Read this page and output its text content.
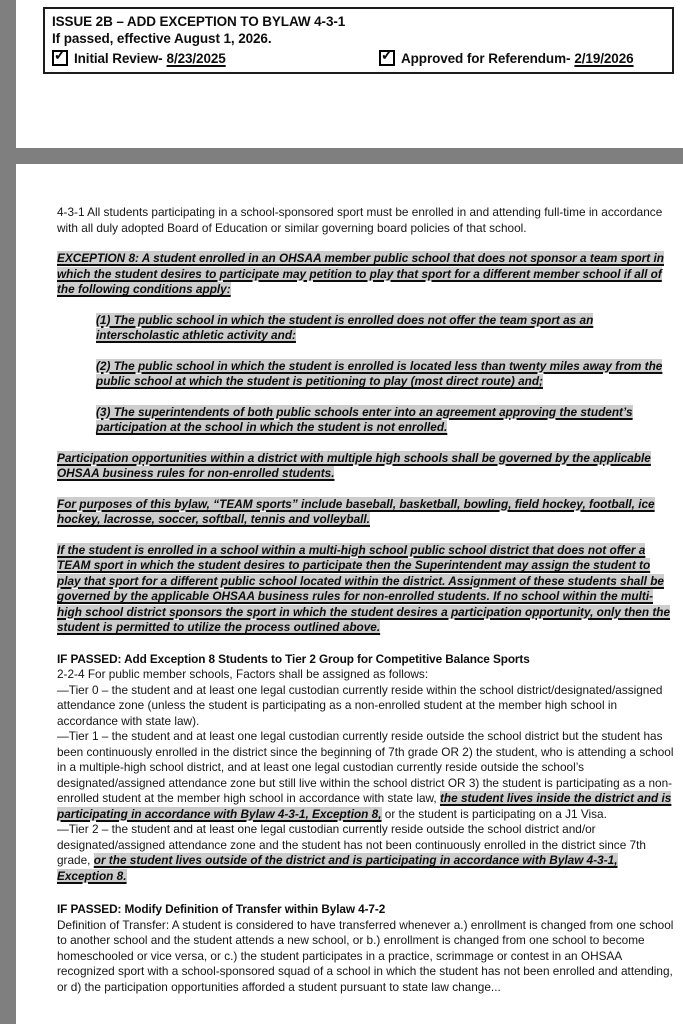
ISSUE 2B – ADD EXCEPTION TO BYLAW 4-3-1
If passed, effective August 1, 2026.
✓ Initial Review- 8/23/2025	✓ Approved for Referendum- 2/19/2026

4-3-1 All students participating in a school-sponsored sport must be enrolled in and attending full-time in accordance with all duly adopted Board of Education or similar governing board policies of that school.

EXCEPTION 8: A student enrolled in an OHSAA member public school that does not sponsor a team sport in which the student desires to participate may petition to play that sport for a different member school if all of the following conditions apply:

(1) The public school in which the student is enrolled does not offer the team sport as an interscholastic athletic activity and:

(2) The public school in which the student is enrolled is located less than twenty miles away from the public school at which the student is petitioning to play (most direct route) and;

(3) The superintendents of both public schools enter into an agreement approving the student’s participation at the school in which the student is not enrolled.

Participation opportunities within a district with multiple high schools shall be governed by the applicable OHSAA business rules for non-enrolled students.

For purposes of this bylaw, “TEAM sports” include baseball, basketball, bowling, field hockey, football, ice hockey, lacrosse, soccer, softball, tennis and volleyball.

If the student is enrolled in a school within a multi-high school public school district that does not offer a TEAM sport in which the student desires to participate then the Superintendent may assign the student to play that sport for a different public school located within the district. Assignment of these students shall be governed by the applicable OHSAA business rules for non-enrolled students. If no school within the multi-high school district sponsors the sport in which the student desires a participation opportunity, only then the student is permitted to utilize the process outlined above.

IF PASSED: Add Exception 8 Students to Tier 2 Group for Competitive Balance Sports

2-2-4 For public member schools, Factors shall be assigned as follows:

—Tier 0 – the student and at least one legal custodian currently reside within the school district/designated/assigned attendance zone (unless the student is participating as a non-enrolled student at the member high school in accordance with state law).

—Tier 1 – the student and at least one legal custodian currently reside outside the school district but the student has been continuously enrolled in the district since the beginning of 7th grade OR 2) the student, who is attending a school in a multiple-high school district, and at least one legal custodian currently reside outside the school’s designated/assigned attendance zone but still live within the school district OR 3) the student is participating as a non-enrolled student at the member high school in accordance with state law, the student lives inside the district and is participating in accordance with Bylaw 4-3-1, Exception 8, or the student is participating on a J1 Visa.

—Tier 2 – the student and at least one legal custodian currently reside outside the school district and/or designated/assigned attendance zone and the student has not been continuously enrolled in the district since 7th grade, or the student lives outside of the district and is participating in accordance with Bylaw 4-3-1, Exception 8.

IF PASSED: Modify Definition of Transfer within Bylaw 4-7-2

Definition of Transfer: A student is considered to have transferred whenever a.) enrollment is changed from one school to another school and the student attends a new school, or b.) enrollment is changed from one school to become homeschooled or vice versa, or c.) the student participates in a practice, scrimmage or contest in an OHSAA recognized sport with a school-sponsored squad of a school in which the student has not been enrolled and attending, or d) the participation opportunities afforded a student pursuant to state law change...
